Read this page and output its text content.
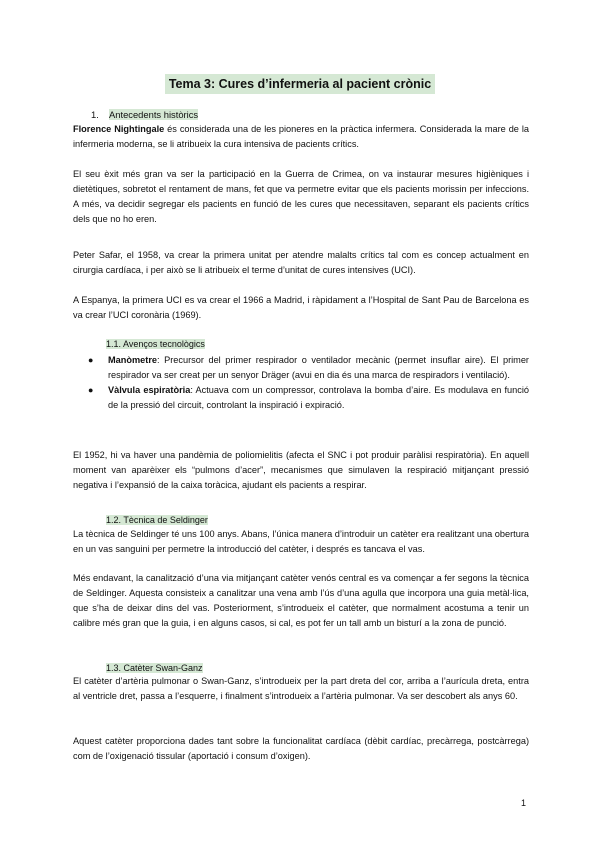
Tema 3: Cures d’infermeria al pacient crònic
1. Antecedents històrics

Florence Nightingale és considerada una de les pioneres en la pràctica infermera. Considerada la mare de la infermeria moderna, se li atribueix la cura intensiva de pacients crítics.

El seu èxit més gran va ser la participació en la Guerra de Crimea, on va instaurar mesures higièniques i dietètiques, sobretot el rentament de mans, fet que va permetre evitar que els pacients morissin per infeccions. A més, va decidir segregar els pacients en funció de les cures que necessitaven, separant els pacients crítics dels que no ho eren.

Peter Safar, el 1958, va crear la primera unitat per atendre malalts crítics tal com es concep actualment en cirurgia cardíaca, i per això se li atribueix el terme d’unitat de cures intensives (UCI).

A Espanya, la primera UCI es va crear el 1966 a Madrid, i ràpidament a l’Hospital de Sant Pau de Barcelona es va crear l’UCI coronària (1969).

1.1. Avenços tecnològics
● Manòmetre: Precursor del primer respirador o ventilador mecànic (permet insuflar aire). El primer respirador va ser creat per un senyor Dräger (avui en dia és una marca de respiradors i ventilació).
● Vàlvula espiratòria: Actuava com un compressor, controlava la bomba d’aire. Es modulava en funció de la pressió del circuit, controlant la inspiració i expiració.

El 1952, hi va haver una pandèmia de poliomielitis (afecta el SNC i pot produir paràlisi respiratòria). En aquell moment van aparèixer els “pulmons d’acer”, mecanismes que simulaven la respiració mitjançant pressió negativa i l’expansió de la caixa toràcica, ajudant els pacients a respirar.

1.2. Tècnica de Seldinger

La tècnica de Seldinger té uns 100 anys. Abans, l’única manera d’introduir un catèter era realitzant una obertura en un vas sanguini per permetre la introducció del catèter, i després es tancava el vas.

Més endavant, la canalització d’una via mitjançant catèter venós central es va començar a fer segons la tècnica de Seldinger. Aquesta consisteix a canalitzar una vena amb l’ús d’una agulla que incorpora una guia metàl·lica, que s’ha de deixar dins del vas. Posteriorment, s’introdueix el catèter, que normalment acostuma a tenir un calibre més gran que la guia, i en alguns casos, si cal, es pot fer un tall amb un bisturí a la zona de punció.

1.3. Catèter Swan-Ganz

El catèter d’artèria pulmonar o Swan-Ganz, s’introdueix per la part dreta del cor, arriba a l’aurícula dreta, entra al ventricle dret, passa a l’esquerre, i finalment s’introdueix a l’artèria pulmonar. Va ser descobert als anys 60.

Aquest catèter proporciona dades tant sobre la funcionalitat cardíaca (dèbit cardíac, precàrrega, postcàrrega) com de l’oxigenació tissular (aportació i consum d’oxigen).

1
